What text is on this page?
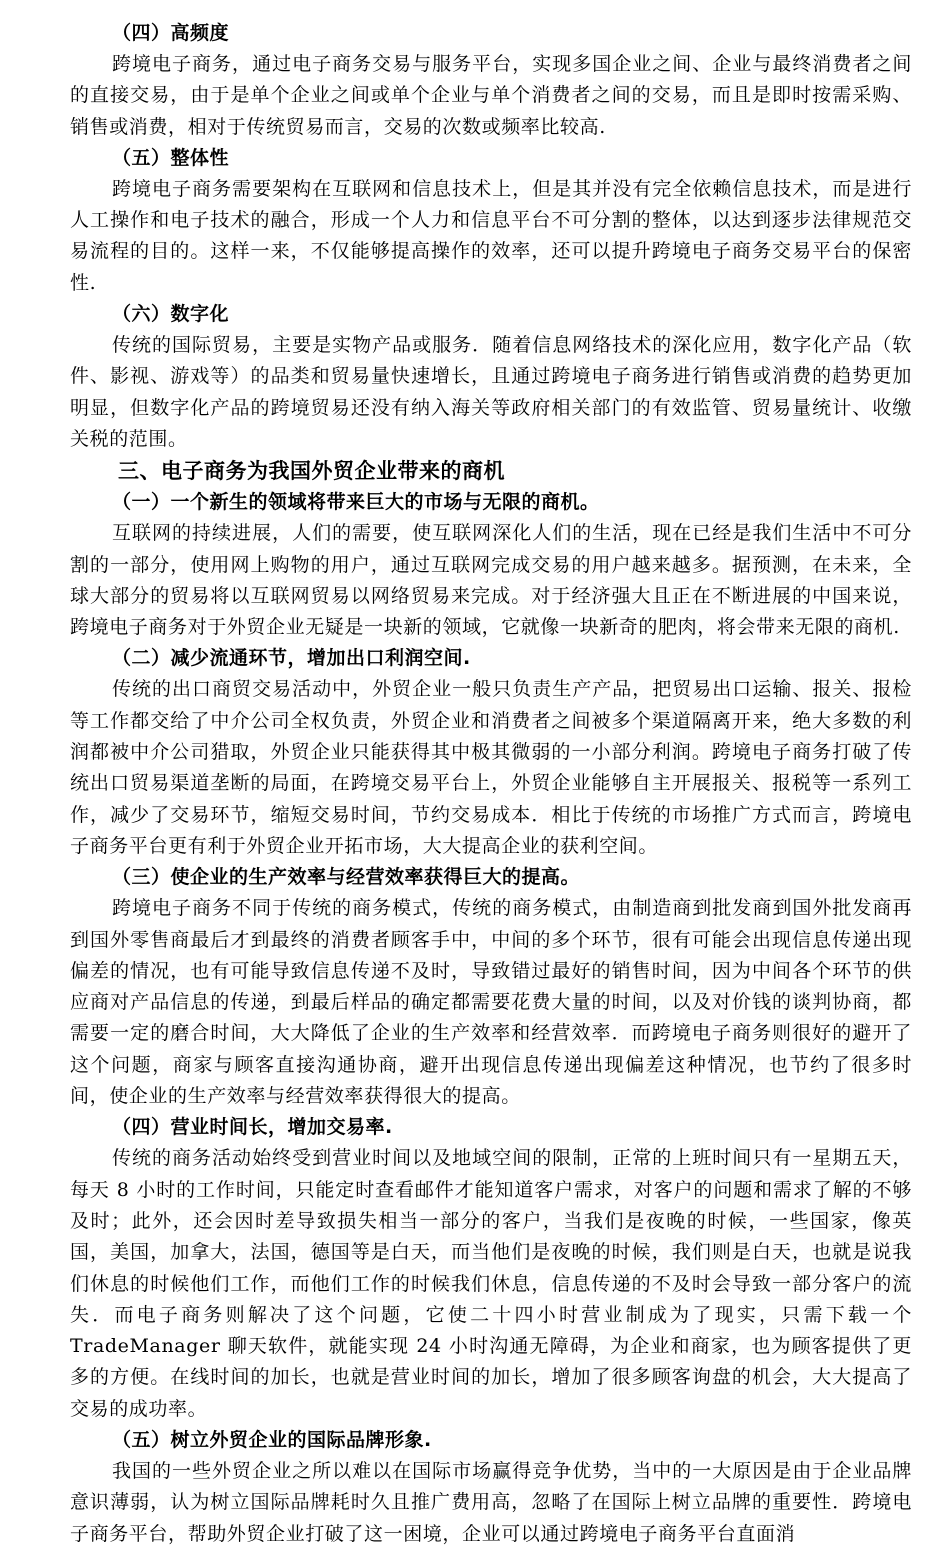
（四）高频度

跨境电子商务，通过电子商务交易与服务平台，实现多国企业之间、企业与最终消费者之间的直接交易，由于是单个企业之间或单个企业与单个消费者之间的交易，而且是即时按需采购、销售或消费，相对于传统贸易而言，交易的次数或频率比较高.

（五）整体性

跨境电子商务需要架构在互联网和信息技术上，但是其并没有完全依赖信息技术，而是进行人工操作和电子技术的融合，形成一个人力和信息平台不可分割的整体，以达到逐步法律规范交易流程的目的。这样一来，不仅能够提高操作的效率，还可以提升跨境电子商务交易平台的保密性.

（六）数字化

传统的国际贸易，主要是实物产品或服务．随着信息网络技术的深化应用，数字化产品（软件、影视、游戏等）的品类和贸易量快速增长，且通过跨境电子商务进行销售或消费的趋势更加明显，但数字化产品的跨境贸易还没有纳入海关等政府相关部门的有效监管、贸易量统计、收缴关税的范围。

三、电子商务为我国外贸企业带来的商机
（一）一个新生的领域将带来巨大的市场与无限的商机。

互联网的持续进展，人们的需要，使互联网深化人们的生活，现在已经是我们生活中不可分割的一部分，使用网上购物的用户，通过互联网完成交易的用户越来越多。据预测，在未来，全球大部分的贸易将以互联网贸易以网络贸易来完成。对于经济强大且正在不断进展的中国来说，跨境电子商务对于外贸企业无疑是一块新的领域，它就像一块新奇的肥肉，将会带来无限的商机.

（二）减少流通环节，增加出口利润空间.

传统的出口商贸交易活动中，外贸企业一般只负责生产产品，把贸易出口运输、报关、报检等工作都交给了中介公司全权负责，外贸企业和消费者之间被多个渠道隔离开来，绝大多数的利润都被中介公司猎取，外贸企业只能获得其中极其微弱的一小部分利润。跨境电子商务打破了传统出口贸易渠道垄断的局面，在跨境交易平台上，外贸企业能够自主开展报关、报税等一系列工作，减少了交易环节，缩短交易时间，节约交易成本．相比于传统的市场推广方式而言，跨境电子商务平台更有利于外贸企业开拓市场，大大提高企业的获利空间。

（三）使企业的生产效率与经营效率获得巨大的提高。

跨境电子商务不同于传统的商务模式，传统的商务模式，由制造商到批发商到国外批发商再到国外零售商最后才到最终的消费者顾客手中，中间的多个环节，很有可能会出现信息传递出现偏差的情况，也有可能导致信息传递不及时，导致错过最好的销售时间，因为中间各个环节的供应商对产品信息的传递，到最后样品的确定都需要花费大量的时间，以及对价钱的谈判协商，都需要一定的磨合时间，大大降低了企业的生产效率和经营效率．而跨境电子商务则很好的避开了这个问题，商家与顾客直接沟通协商，避开出现信息传递出现偏差这种情况，也节约了很多时间，使企业的生产效率与经营效率获得很大的提高。

（四）营业时间长，增加交易率.

传统的商务活动始终受到营业时间以及地域空间的限制，正常的上班时间只有一星期五天，每天 8 小时的工作时间，只能定时查看邮件才能知道客户需求，对客户的问题和需求了解的不够及时；此外，还会因时差导致损失相当一部分的客户，当我们是夜晚的时候，一些国家，像英国，美国，加拿大，法国，德国等是白天，而当他们是夜晚的时候，我们则是白天，也就是说我们休息的时候他们工作，而他们工作的时候我们休息，信息传递的不及时会导致一部分客户的流失．而电子商务则解决了这个问题，它使二十四小时营业制成为了现实，只需下载一个 TradeManager 聊天软件，就能实现 24 小时沟通无障碍，为企业和商家，也为顾客提供了更多的方便。在线时间的加长，也就是营业时间的加长，增加了很多顾客询盘的机会，大大提高了交易的成功率。

（五）树立外贸企业的国际品牌形象.

我国的一些外贸企业之所以难以在国际市场赢得竞争优势，当中的一大原因是由于企业品牌意识薄弱，认为树立国际品牌耗时久且推广费用高，忽略了在国际上树立品牌的重要性．跨境电子商务平台，帮助外贸企业打破了这一困境，企业可以通过跨境电子商务平台直面消
